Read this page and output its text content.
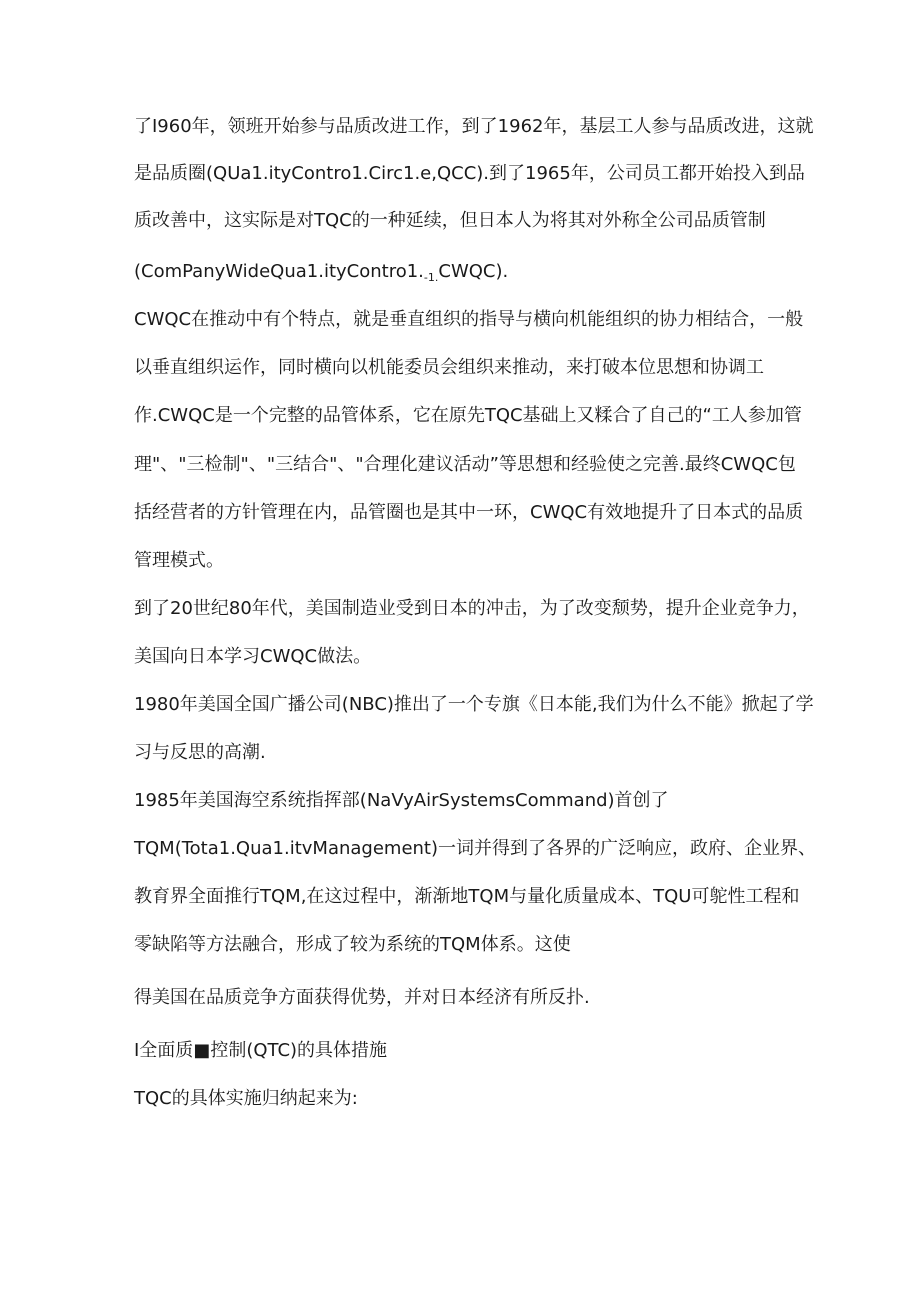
了I960年，领班开始参与品质改进工作，到了1962年，基层工人参与品质改进，这就
是品质圈(QUa1.ityContro1.Circ1.e,QCC).到了1965年，公司员工都开始投入到品
质改善中，这实际是对TQC的一种延续，但日本人为将其对外称全公司品质管制
$(ComPanyWideQua1.ityContro1._{-1.}CWQC)$.
CWQC在推动中有个特点，就是垂直组织的指导与横向机能组织的协力相结合，一般
以垂直组织运作，同时横向以机能委员会组织来推动，来打破本位思想和协调工
作.CWQC是一个完整的品管体系，它在原先TQC基础上又糅合了自己的“工人参加管
理"、"三检制"、"三结合"、"合理化建议活动”等思想和经验使之完善.最终CWQC包
括经营者的方针管理在内，品管圈也是其中一环，CWQC有效地提升了日本式的品质
管理模式。
到了20世纪80年代，美国制造业受到日本的冲击，为了改变颓势，提升企业竞争力，
美国向日本学习CWQC做法。
1980年美国全国广播公司(NBC)推出了一个专旗《日本能,我们为什么不能》掀起了学
习与反思的高潮.
1985年美国海空系统指挥部(NaVyAirSystemsCommand)首创了
TQM(Tota1.Qua1.itvManagement)一词并得到了各界的广泛响应，政府、企业界、
教育界全面推行TQM,在这过程中，渐渐地TQM与量化质量成本、TQU可鸵性工程和
零缺陷等方法融合，形成了较为系统的TQM体系。这使
得美国在品质竞争方面获得优势，并对日本经济有所反扑.
I全面质■控制(QTC)的具体措施
TQC的具体实施归纳起来为:
